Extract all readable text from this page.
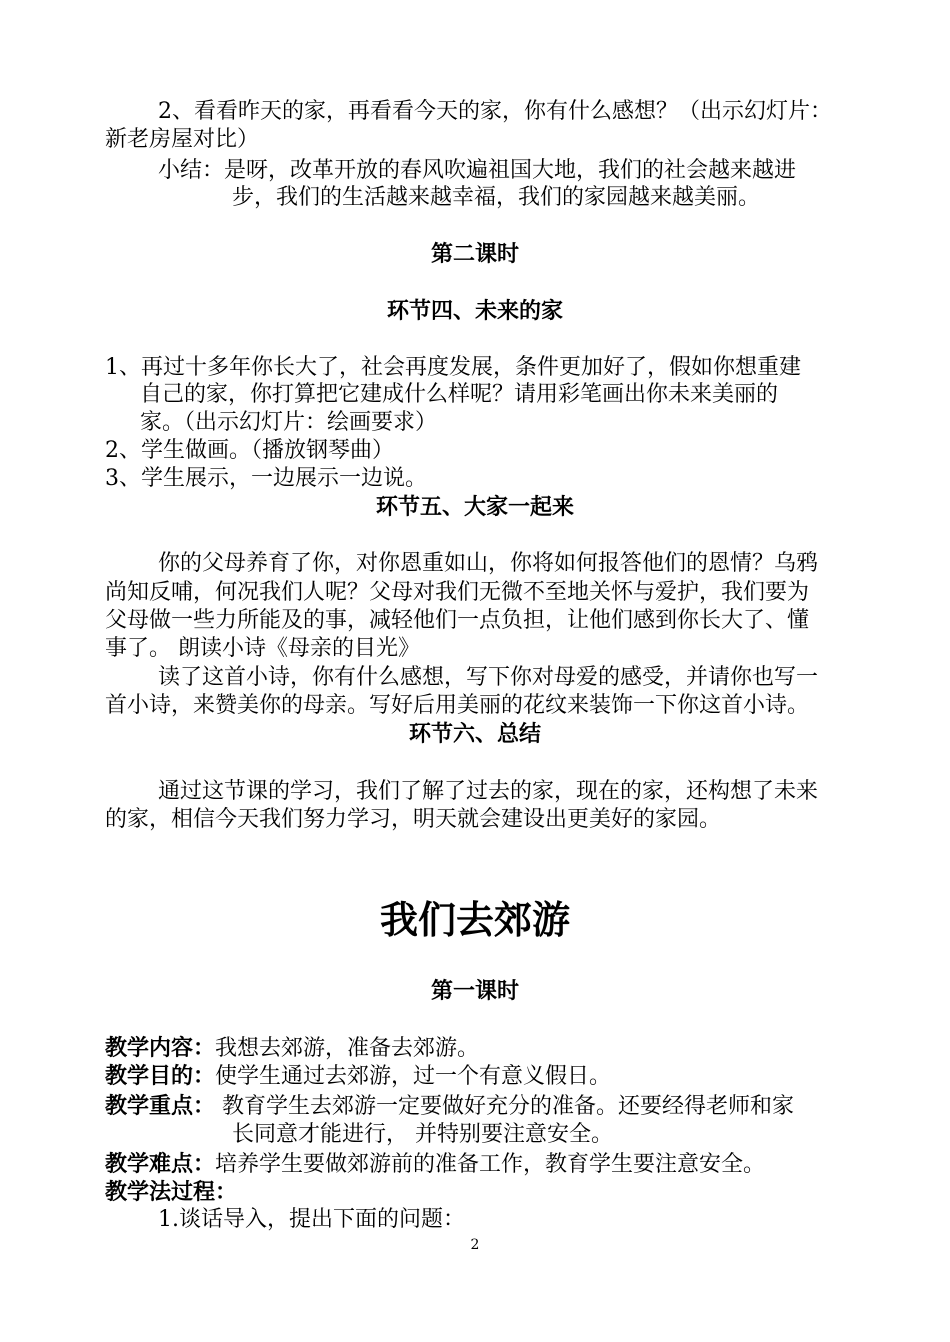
2、看看昨天的家，再看看今天的家，你有什么感想？（出示幻灯片：

新老房屋对比）

小结：是呀，改革开放的春风吹遍祖国大地，我们的社会越来越进

步，我们的生活越来越幸福，我们的家园越来越美丽。

第二课时
环节四、未来的家

1、再过十多年你长大了，社会再度发展，条件更加好了，假如你想重建

自己的家，你打算把它建成什么样呢？请用彩笔画出你未来美丽的

家。（出示幻灯片：绘画要求）

2、学生做画。（播放钢琴曲）

3、学生展示，一边展示一边说。

环节五、大家一起来

你的父母养育了你，对你恩重如山，你将如何报答他们的恩情？乌鸦

尚知反哺，何况我们人呢？父母对我们无微不至地关怀与爱护，我们要为

父母做一些力所能及的事，减轻他们一点负担，让他们感到你长大了、懂

事了。 朗读小诗《母亲的目光》

读了这首小诗，你有什么感想，写下你对母爱的感受，并请你也写一

首小诗，来赞美你的母亲。写好后用美丽的花纹来装饰一下你这首小诗。

环节六、总结

通过这节课的学习，我们了解了过去的家，现在的家，还构想了未来

的家，相信今天我们努力学习，明天就会建设出更美好的家园。

我们去郊游
第一课时

教学内容：我想去郊游，准备去郊游。

教学目的：使学生通过去郊游，过一个有意义假日。

教学重点： 教育学生去郊游一定要做好充分的准备。还要经得老师和家

长同意才能进行， 并特别要注意安全。

教学难点：培养学生要做郊游前的准备工作，教育学生要注意安全。

教学法过程：

1.谈话导入，提出下面的问题：

2
